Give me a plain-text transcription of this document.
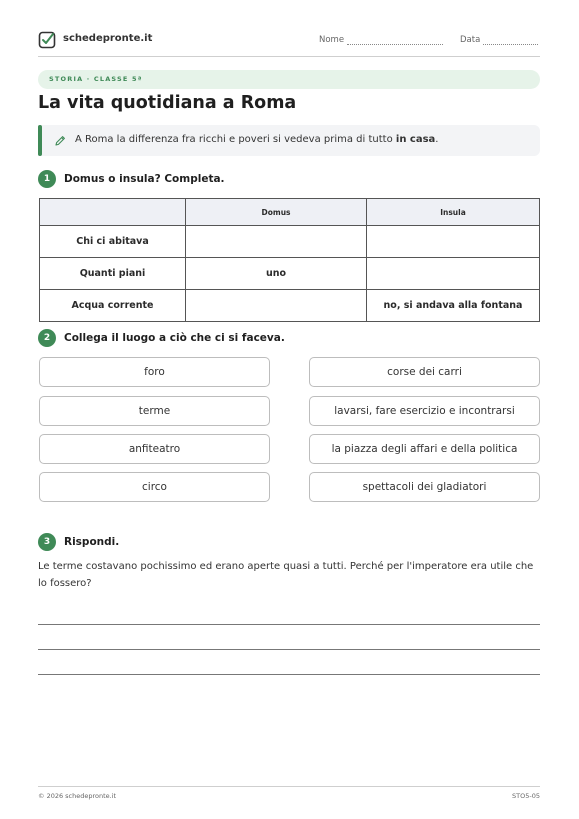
schedepronte.it	Nome	Data
STORIA · CLASSE 5ª
La vita quotidiana a Roma
A Roma la differenza fra ricchi e poveri si vedeva prima di tutto in casa.
1	Domus o insula? Completa.
	Domus	Insula
Chi ci abitava		
Quanti piani	uno	
Acqua corrente		no, si andava alla fontana
2	Collega il luogo a ciò che ci si faceva.
foro
terme
anfiteatro
circo
corse dei carri
lavarsi, fare esercizio e incontrarsi
la piazza degli affari e della politica
spettacoli dei gladiatori
3	Rispondi.
Le terme costavano pochissimo ed erano aperte quasi a tutti. Perché per l'imperatore era utile che lo fossero?
© 2026 schedepronte.it	STO5-05
